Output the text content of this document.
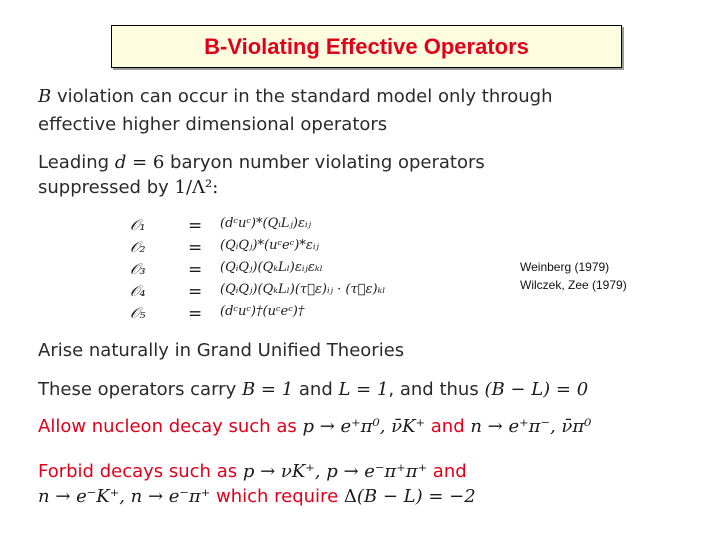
B-Violating Effective Operators
B violation can occur in the standard model only through
effective higher dimensional operators
Leading d = 6 baryon number violating operators
suppressed by 1/Λ²:
𝒪₁	= (dᶜuᶜ)*(QᵢLⱼ)εᵢⱼ
𝒪₂	= (QᵢQⱼ)*(uᶜeᶜ)*εᵢⱼ
𝒪₃	= (QᵢQⱼ)(QₖLₗ)εᵢⱼεₖₗ
𝒪₄	= (QᵢQⱼ)(QₖLₗ)(τ⃗ε)ᵢⱼ · (τ⃗ε)ₖₗ
𝒪₅	= (dᶜuᶜ)†(uᶜeᶜ)†
Weinberg (1979)
Wilczek, Zee (1979)
Arise naturally in Grand Unified Theories
These operators carry B = 1 and L = 1, and thus (B − L) = 0
Allow nucleon decay such as p → e⁺π⁰, ν̄K⁺ and n → e⁺π⁻, ν̄π⁰
Forbid decays such as p → νK⁺, p → e⁻π⁺π⁺ and
n → e⁻K⁺, n → e⁻π⁺ which require Δ(B − L) = −2
